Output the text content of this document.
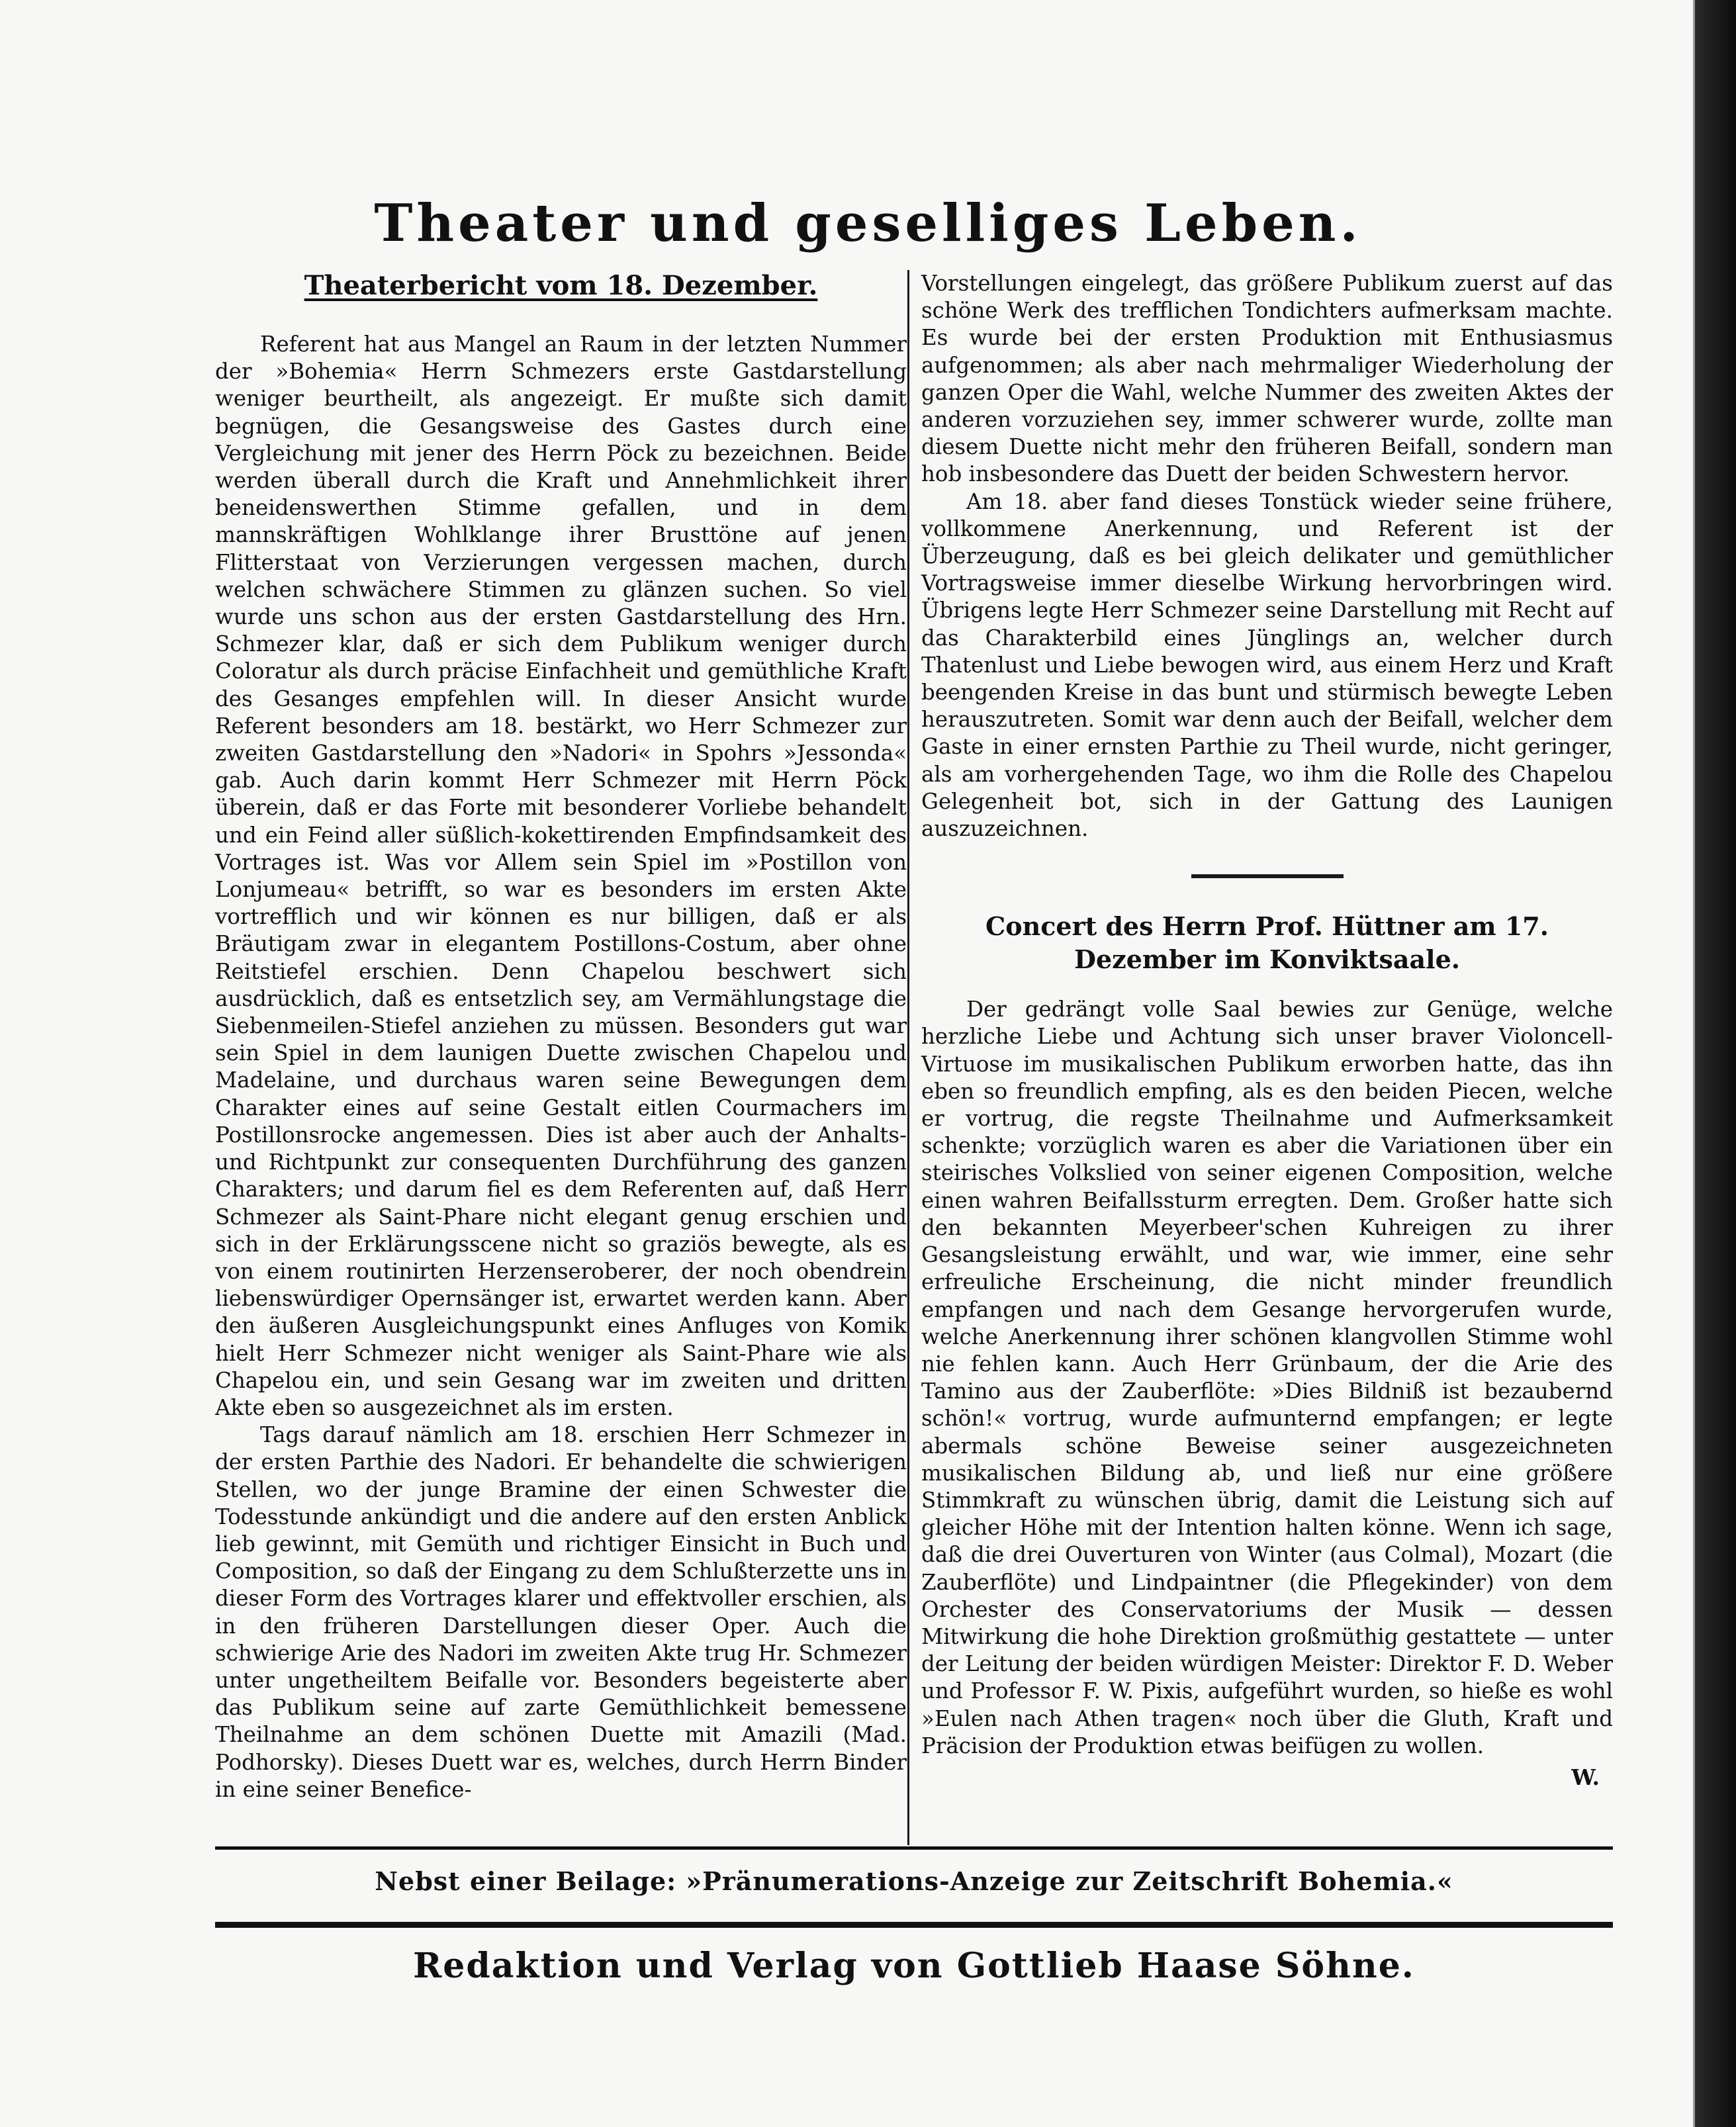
Theater und geselliges Leben.
Theaterbericht vom 18. Dezember.

Referent hat aus Mangel an Raum in der letzten Nummer der »Bohemia« Herrn Schmezers erste Gastdarstellung weniger beurtheilt, als angezeigt. Er mußte sich damit begnügen, die Gesangsweise des Gastes durch eine Vergleichung mit jener des Herrn Pöck zu bezeichnen. Beide werden überall durch die Kraft und Annehmlichkeit ihrer beneidenswerthen Stimme gefallen, und in dem mannskräftigen Wohlklange ihrer Brusttöne auf jenen Flitterstaat von Verzierungen vergessen machen, durch welchen schwächere Stimmen zu glänzen suchen. So viel wurde uns schon aus der ersten Gastdarstellung des Hrn. Schmezer klar, daß er sich dem Publikum weniger durch Coloratur als durch präcise Einfachheit und gemüthliche Kraft des Gesanges empfehlen will. In dieser Ansicht wurde Referent besonders am 18. bestärkt, wo Herr Schmezer zur zweiten Gastdarstellung den »Nadori« in Spohrs »Jessonda« gab. Auch darin kommt Herr Schmezer mit Herrn Pöck überein, daß er das Forte mit besonderer Vorliebe behandelt und ein Feind aller süßlich-kokettirenden Empfindsamkeit des Vortrages ist. Was vor Allem sein Spiel im »Postillon von Lonjumeau« betrifft, so war es besonders im ersten Akte vortrefflich und wir können es nur billigen, daß er als Bräutigam zwar in elegantem Postillons-Costum, aber ohne Reitstiefel erschien. Denn Chapelou beschwert sich ausdrücklich, daß es entsetzlich sey, am Vermählungstage die Siebenmeilen-Stiefel anziehen zu müssen. Besonders gut war sein Spiel in dem launigen Duette zwischen Chapelou und Madelaine, und durchaus waren seine Bewegungen dem Charakter eines auf seine Gestalt eitlen Courmachers im Postillonsrocke angemessen. Dies ist aber auch der Anhalts- und Richtpunkt zur consequenten Durchführung des ganzen Charakters; und darum fiel es dem Referenten auf, daß Herr Schmezer als Saint-Phare nicht elegant genug erschien und sich in der Erklärungsscene nicht so graziös bewegte, als es von einem routinirten Herzenseroberer, der noch obendrein liebenswürdiger Opernsänger ist, erwartet werden kann. Aber den äußeren Ausgleichungspunkt eines Anfluges von Komik hielt Herr Schmezer nicht weniger als Saint-Phare wie als Chapelou ein, und sein Gesang war im zweiten und dritten Akte eben so ausgezeichnet als im ersten.

Tags darauf nämlich am 18. erschien Herr Schmezer in der ersten Parthie des Nadori. Er behandelte die schwierigen Stellen, wo der junge Bramine der einen Schwester die Todesstunde ankündigt und die andere auf den ersten Anblick lieb gewinnt, mit Gemüth und richtiger Einsicht in Buch und Composition, so daß der Eingang zu dem Schlußterzette uns in dieser Form des Vortrages klarer und effektvoller erschien, als in den früheren Darstellungen dieser Oper. Auch die schwierige Arie des Nadori im zweiten Akte trug Hr. Schmezer unter ungetheiltem Beifalle vor. Besonders begeisterte aber das Publikum seine auf zarte Gemüthlichkeit bemessene Theilnahme an dem schönen Duette mit Amazili (Mad. Podhorsky). Dieses Duett war es, welches, durch Herrn Binder in eine seiner Benefice-

Vorstellungen eingelegt, das größere Publikum zuerst auf das schöne Werk des trefflichen Tondichters aufmerksam machte. Es wurde bei der ersten Produktion mit Enthusiasmus aufgenommen; als aber nach mehrmaliger Wiederholung der ganzen Oper die Wahl, welche Nummer des zweiten Aktes der anderen vorzuziehen sey, immer schwerer wurde, zollte man diesem Duette nicht mehr den früheren Beifall, sondern man hob insbesondere das Duett der beiden Schwestern hervor.

Am 18. aber fand dieses Tonstück wieder seine frühere, vollkommene Anerkennung, und Referent ist der Überzeugung, daß es bei gleich delikater und gemüthlicher Vortragsweise immer dieselbe Wirkung hervorbringen wird. Übrigens legte Herr Schmezer seine Darstellung mit Recht auf das Charakterbild eines Jünglings an, welcher durch Thatenlust und Liebe bewogen wird, aus einem Herz und Kraft beengenden Kreise in das bunt und stürmisch bewegte Leben herauszutreten. Somit war denn auch der Beifall, welcher dem Gaste in einer ernsten Parthie zu Theil wurde, nicht geringer, als am vorhergehenden Tage, wo ihm die Rolle des Chapelou Gelegenheit bot, sich in der Gattung des Launigen auszuzeichnen.

Concert des Herrn Prof. Hüttner am 17. Dezember im Konviktsaale.

Der gedrängt volle Saal bewies zur Genüge, welche herzliche Liebe und Achtung sich unser braver Violoncell-Virtuose im musikalischen Publikum erworben hatte, das ihn eben so freundlich empfing, als es den beiden Piecen, welche er vortrug, die regste Theilnahme und Aufmerksamkeit schenkte; vorzüglich waren es aber die Variationen über ein steirisches Volkslied von seiner eigenen Composition, welche einen wahren Beifallssturm erregten. Dem. Großer hatte sich den bekannten Meyerbeer'schen Kuhreigen zu ihrer Gesangsleistung erwählt, und war, wie immer, eine sehr erfreuliche Erscheinung, die nicht minder freundlich empfangen und nach dem Gesange hervorgerufen wurde, welche Anerkennung ihrer schönen klangvollen Stimme wohl nie fehlen kann. Auch Herr Grünbaum, der die Arie des Tamino aus der Zauberflöte: »Dies Bildniß ist bezaubernd schön!« vortrug, wurde aufmunternd empfangen; er legte abermals schöne Beweise seiner ausgezeichneten musikalischen Bildung ab, und ließ nur eine größere Stimmkraft zu wünschen übrig, damit die Leistung sich auf gleicher Höhe mit der Intention halten könne. Wenn ich sage, daß die drei Ouverturen von Winter (aus Colmal), Mozart (die Zauberflöte) und Lindpaintner (die Pflegekinder) von dem Orchester des Conservatoriums der Musik — dessen Mitwirkung die hohe Direktion großmüthig gestattete — unter der Leitung der beiden würdigen Meister: Direktor F. D. Weber und Professor F. W. Pixis, aufgeführt wurden, so hieße es wohl »Eulen nach Athen tragen« noch über die Gluth, Kraft und Präcision der Produktion etwas beifügen zu wollen.

W.
Nebst einer Beilage: »Pränumerations-Anzeige zur Zeitschrift Bohemia.«
Redaktion und Verlag von Gottlieb Haase Söhne.
